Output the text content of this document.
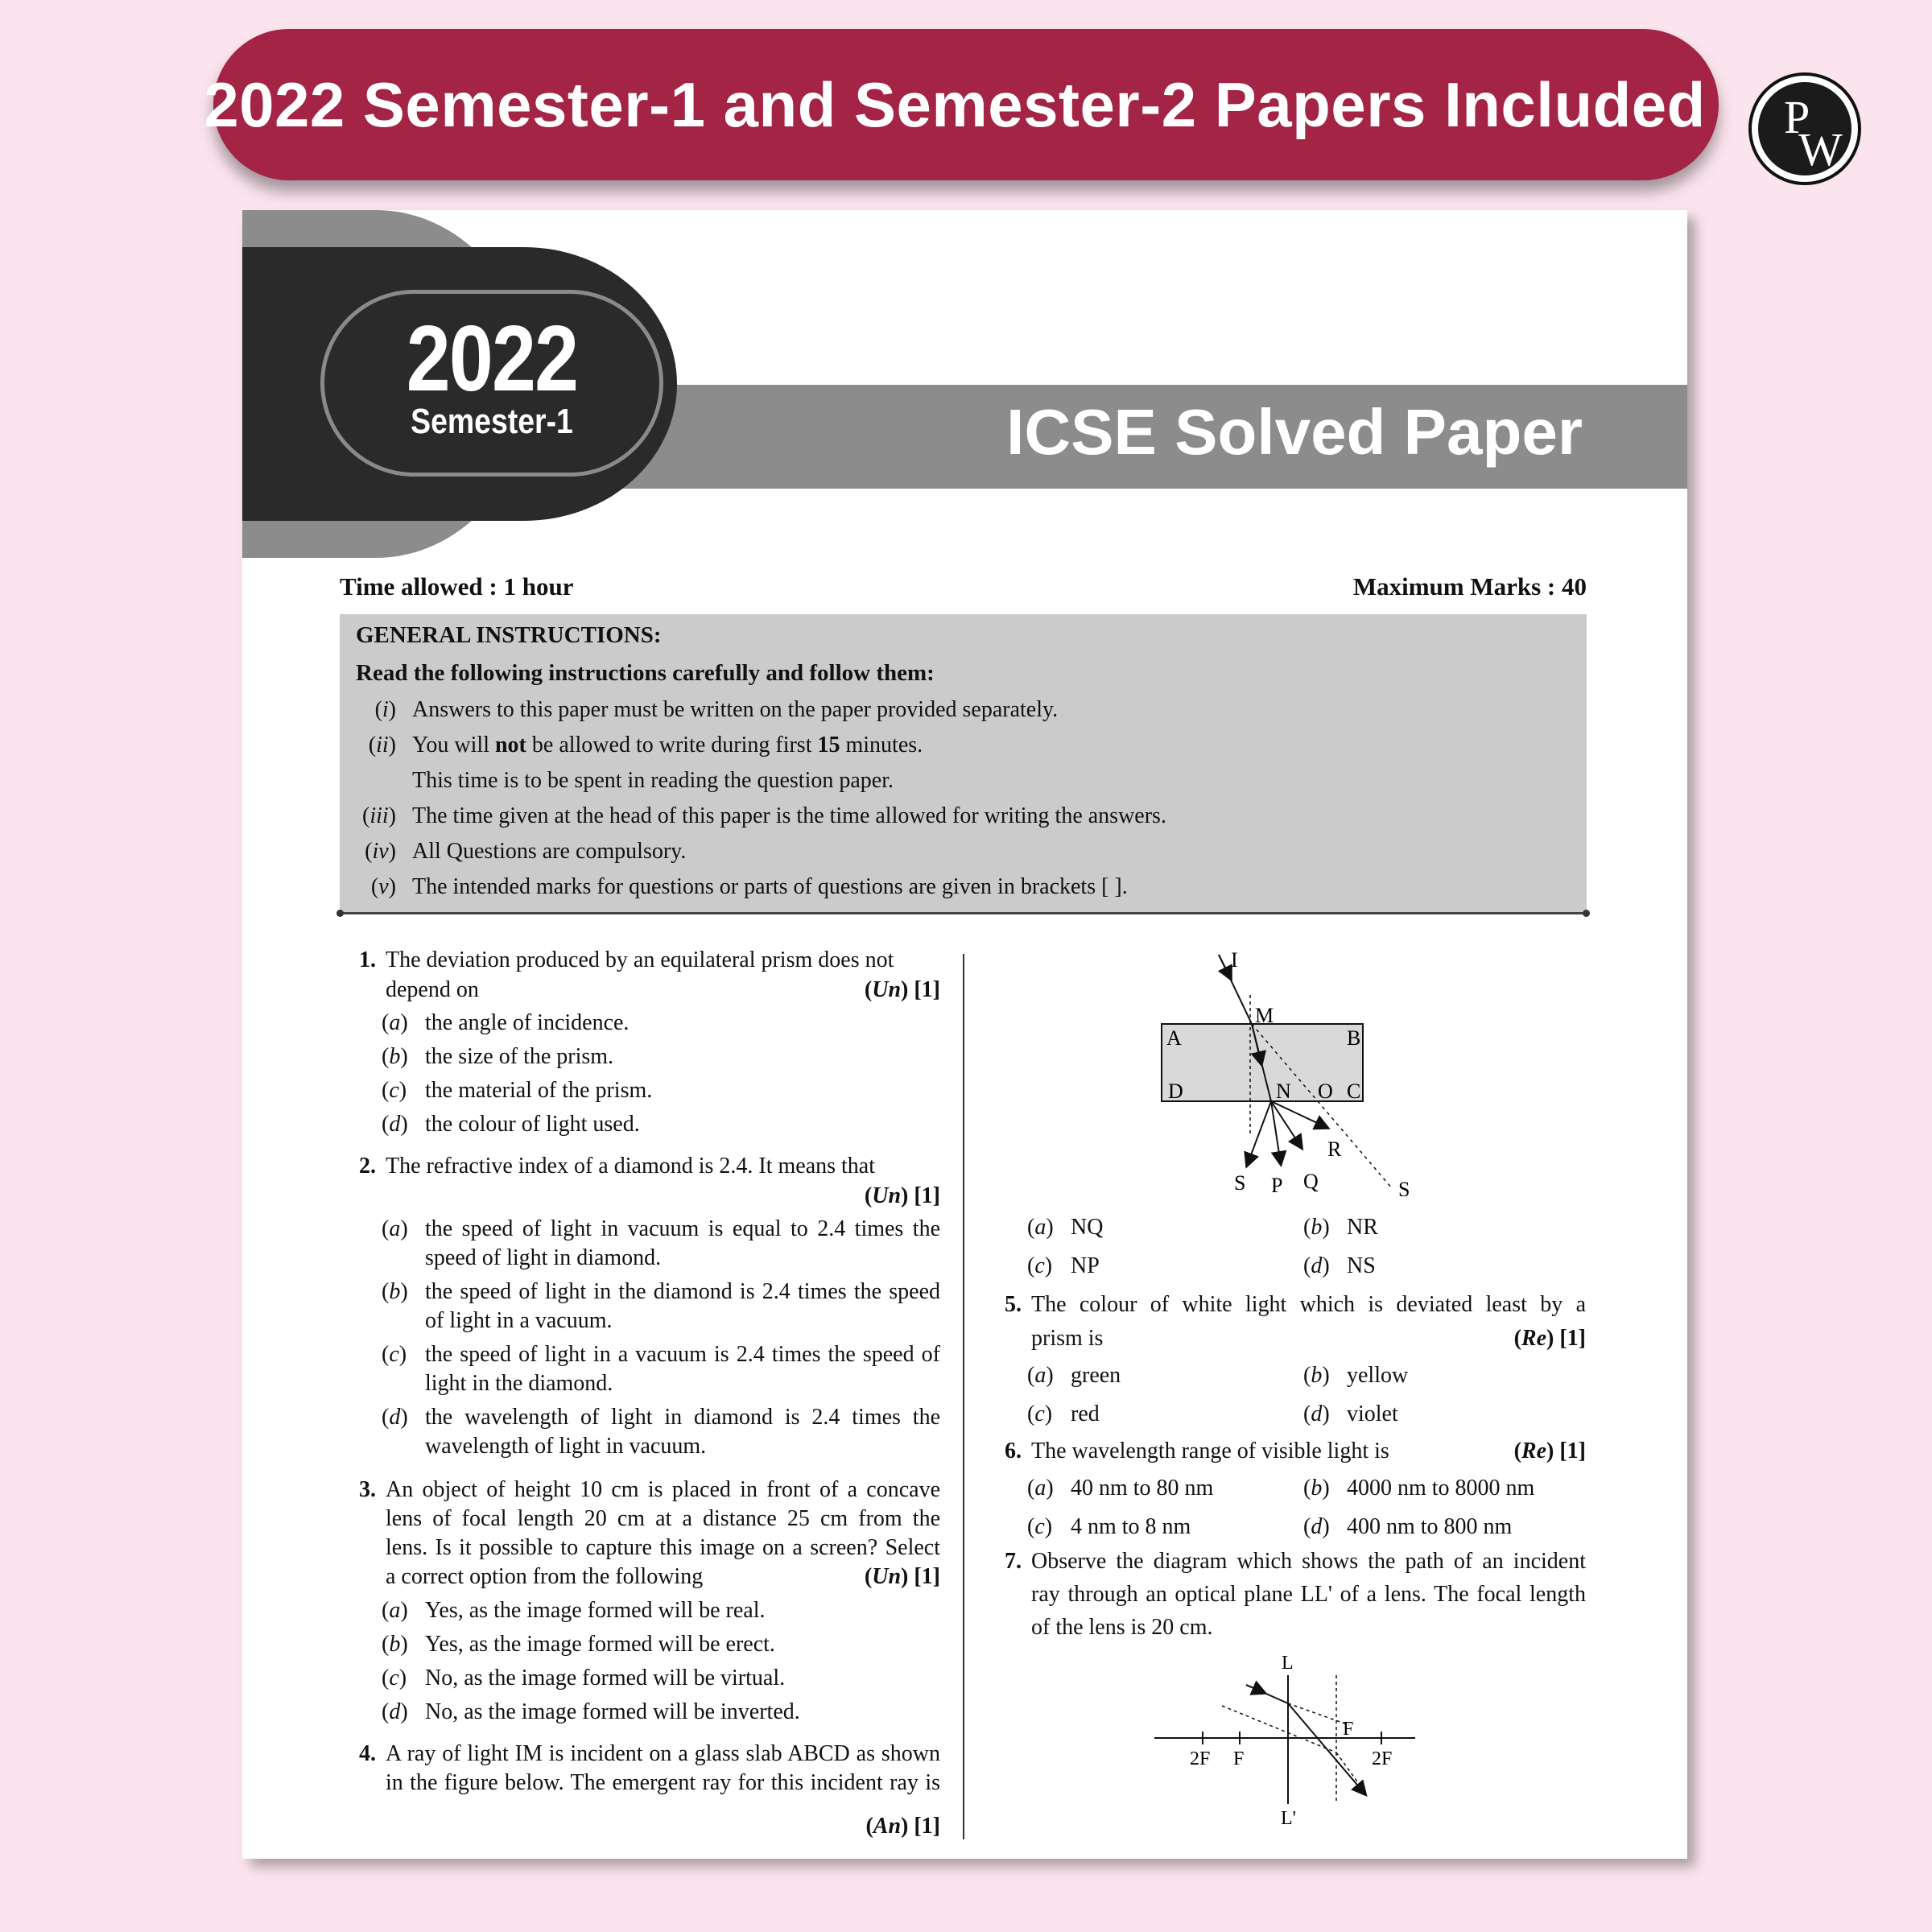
2022 Semester-1 and Semester-2 Papers Included P
W
2022
Semester-1	ICSE Solved Paper
Time allowed : 1 hour	Maximum Marks : 40
GENERAL INSTRUCTIONS:
Read the following instructions carefully and follow them:
(i) Answers to this paper must be written on the paper provided separately.
(ii) You will not be allowed to write during first 15 minutes.
This time is to be spent in reading the question paper.
(iii) The time given at the head of this paper is the time allowed for writing the answers.
(iv) All Questions are compulsory.
(v) The intended marks for questions or parts of questions are given in brackets [ ].
1. The deviation produced by an equilateral prism does not
depend on	(Un) [1]
(a) the angle of incidence.
(b) the size of the prism.
(c) the material of the prism.
(d) the colour of light used.
2. The refractive index of a diamond is 2.4. It means that
(Un) [1]
(a) the speed of light in vacuum is equal to 2.4 times the
speed of light in diamond.
(b) the speed of light in the diamond is 2.4 times the speed
of light in a vacuum.
(c) the speed of light in a vacuum is 2.4 times the speed of
light in the diamond.
(d) the wavelength of light in diamond is 2.4 times the
wavelength of light in vacuum.
3. An object of height 10 cm is placed in front of a concave
lens of focal length 20 cm at a distance 25 cm from the
lens. Is it possible to capture this image on a screen? Select
a correct option from the following	(Un) [1]
(a) Yes, as the image formed will be real.
(b) Yes, as the image formed will be erect.
(c) No, as the image formed will be virtual.
(d) No, as the image formed will be inverted.
4. A ray of light IM is incident on a glass slab ABCD as shown
in the figure below. The emergent ray for this incident ray is
(An) [1]
I
M
A	B
D	N O C
R
S P Q	S
(a) NQ	(b) NR
(c) NP	(d) NS
5. The colour of white light which is deviated least by a
prism is	(Re) [1]
(a) green	(b) yellow
(c) red	(d) violet
6. The wavelength range of visible light is	(Re) [1]
(a) 40 nm to 80 nm	(b) 4000 nm to 8000 nm
(c) 4 nm to 8 nm	(d) 400 nm to 800 nm
7. Observe the diagram which shows the path of an incident
ray through an optical plane LL' of a lens. The focal length
of the lens is 20 cm.
L
F
2F F	2F
L'
